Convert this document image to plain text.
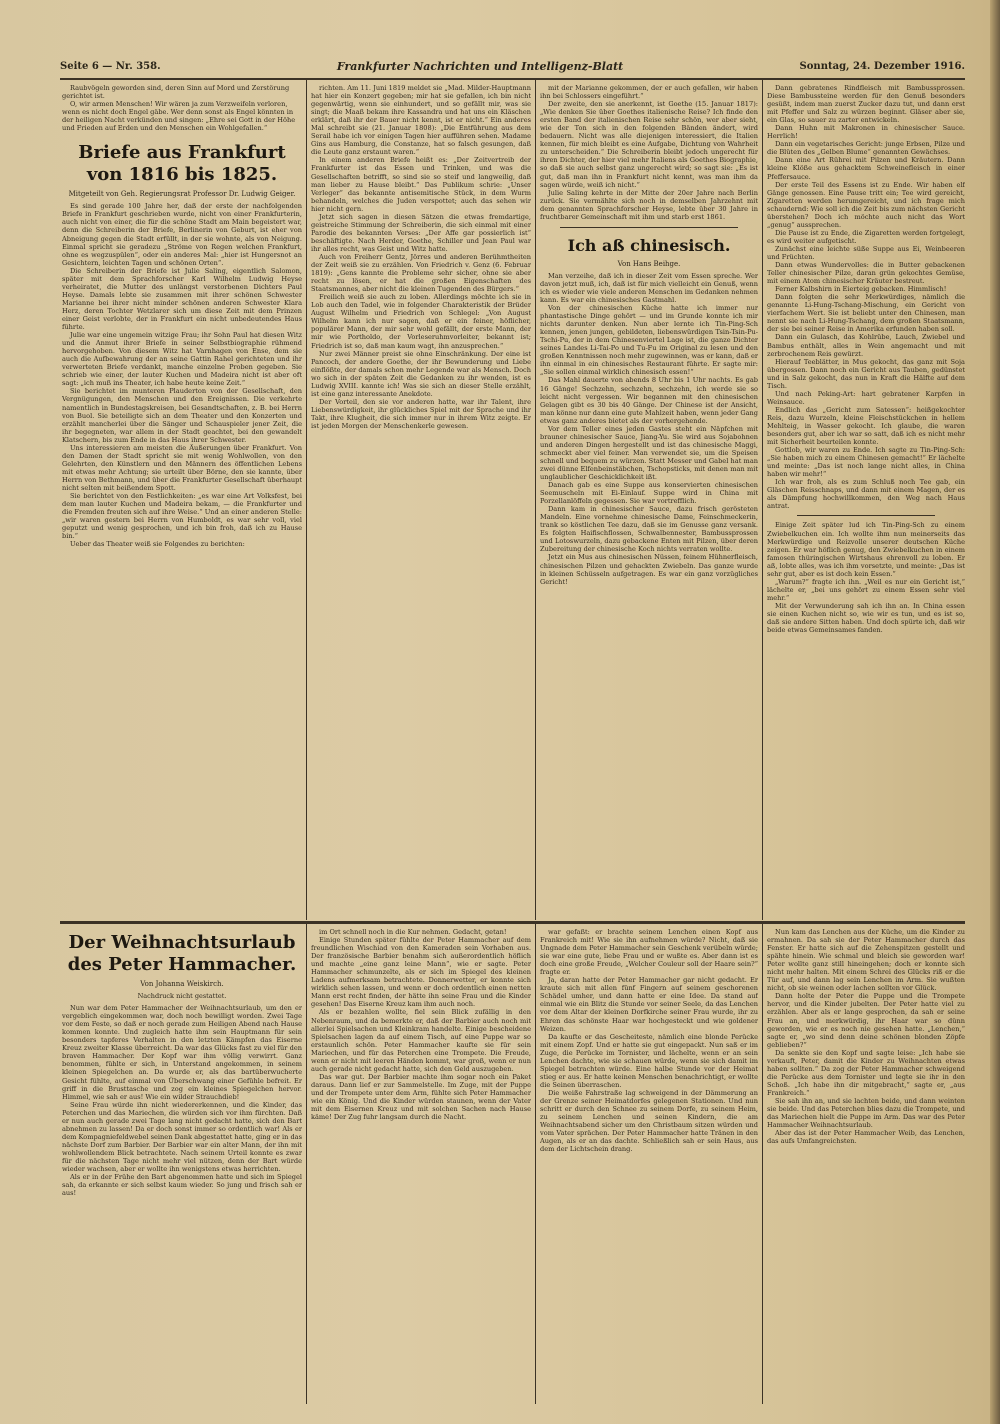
Seite 6 — Nr. 358.	Frankfurter Nachrichten und Intelligenz-Blatt	Sonntag, 24. Dezember 1916.

Raubvögeln geworden sind, deren Sinn auf Mord und Zerstörung gerichtet ist.

O, wir armen Menschen! Wir wären ja zum Verzweifeln verloren, wenn es nicht doch Engel gäbe. Wer denn sonst als Engel könnten in der heiligen Nacht verkünden und singen: „Ehre sei Gott in der Höhe und Frieden auf Erden und den Menschen ein Wohlgefallen.“

Briefe aus Frankfurt von 1816 bis 1825.
Mitgeteilt von Geh. Regierungsrat Professor Dr. Ludwig Geiger.

Es sind gerade 100 Jahre her, daß der erste der nachfolgenden Briefe in Frankfurt geschrieben wurde, nicht von einer Frankfurterin, auch nicht von einer, die für die schöne Stadt am Main begeistert war, denn die Schreiberin der Briefe, Berlinerin von Geburt, ist eher von Abneigung gegen die Stadt erfüllt, in der sie wohnte, als von Neigung. Einmal spricht sie geradezu „Ströme von Regen welchen Frankfurt, ohne es wegzuspülen“, oder ein anderes Mal: „hier ist Hungersnot an Gesichtern, leichten Tagen und schönen Orten“.

Die Schreiberin der Briefe ist Julie Saling, eigentlich Salomon, später mit dem Sprachforscher Karl Wilhelm Ludwig Heyse verheiratet, die Mutter des unlängst verstorbenen Dichters Paul Heyse. Damals lebte sie zusammen mit ihrer schönen Schwester Marianne bei ihrer nicht minder schönen anderen Schwester Klara Herz, deren Tochter Wetzlarer sich um diese Zeit mit dem Prinzen einer Geist verlobte, der in Frankfurt ein nicht unbedeutendes Haus führte.

Julie war eine ungemein witzige Frau; ihr Sohn Paul hat diesen Witz und die Anmut ihrer Briefe in seiner Selbstbiographie rühmend hervorgehoben. Von diesem Witz hat Varnhagen von Ense, dem sie auch die Aufbewahrung der an seine Gattin Rahel gerichteten und ihr verwerteten Briefe verdankt, manche einzelne Proben gegeben. Sie schrieb wie einer, der lauter Kuchen und Madeira nicht ist aber oft sagt: „ich muß ins Theater, ich habe heute keine Zeit.“

Sie berichtet im munteren Plauderton von der Gesellschaft, den Vergnügungen, den Menschen und den Ereignissen. Die verkehrte namentlich in Bundestagskreisen, bei Gesandtschaften, z. B. bei Herrn von Buol. Sie beteiligte sich an dem Theater und den Konzerten und erzählt mancherlei über die Sänger und Schauspieler jener Zeit, die ihr begegneten, war allem in der Stadt geachtet, bei den gewandelt Klatschern, bis zum Ende in das Haus ihrer Schwester.

Uns interessieren am meisten die Äußerungen über Frankfurt. Von den Damen der Stadt spricht sie mit wenig Wohlwollen, von den Gelehrten, den Künstlern und den Männern des öffentlichen Lebens mit etwas mehr Achtung; sie urteilt über Börne, den sie kannte, über Herrn von Bethmann, und über die Frankfurter Gesellschaft überhaupt nicht selten mit beißendem Spott.

Sie berichtet von den Festlichkeiten: „es war eine Art Volksfest, bei dem man lauter Kuchen und Madeira bekam, — die Frankfurter und die Fremden freuten sich auf ihre Weise.“ Und an einer anderen Stelle: „wir waren gestern bei Herrn von Humboldt, es war sehr voll, viel geputzt und wenig gesprochen, und ich bin froh, daß ich zu Hause bin.“

Ueber das Theater weiß sie Folgendes zu berichten:

richten. Am 11. Juni 1819 meldet sie „Mad. Milder-Hauptmann hat hier ein Konzert gegeben; mir hat sie gefallen, ich bin nicht gegenwärtig, wenn sie einhundert, und so gefällt mir, was sie singt; die Maaß bekam ihre Kassandra und hat uns ein Kläschen erklärt, daß ihr der Bauer nicht kennt, ist er nicht.“ Ein anderes Mal schreibt sie (21. Januar 1808): „Die Entführung aus dem Serail habe ich vor einigen Tagen hier aufführen sehen. Madame Gins aus Hamburg, die Constanze, hat so falsch gesungen, daß die Leute ganz erstaunt waren.“

In einem anderen Briefe heißt es: „Der Zeitvertreib der Frankfurter ist das Essen und Trinken, und was die Gesellschaften betrifft, so sind sie so steif und langweilig, daß man lieber zu Hause bleibt.“ Das Publikum schrie: „Unser Verleger“ das bekannte antisemitische Stück, in dem Wurm behandeln, welches die Juden verspottet; auch das sehen wir hier nicht gern.

Jetzt sich sagen in diesen Sätzen die etwas fremdartige, geistreiche Stimmung der Schreiberin, die sich einmal mit einer Parodie des bekannten Verses: „Der Affe gar possierlich ist“ beschäftigte. Nach Herder, Goethe, Schiller und Jean Paul war ihr alles recht, was Geist und Witz hatte.

Auch von Freiherr Gentz, Jörres und anderen Berühmtheiten der Zeit weiß sie zu erzählen. Von Friedrich v. Genz (6. Februar 1819): „Gens kannte die Probleme sehr sicher, ohne sie aber recht zu lösen, er hat die großen Eigenschaften des Staatsmannes, aber nicht die kleinen Tugenden des Bürgers.“

Freilich weiß sie auch zu loben. Allerdings möchte ich sie in Lob auch den Tadel, wie in folgender Charakteristik der Brüder August Wilhelm und Friedrich von Schlegel: „Von August Wilhelm kann ich nur sagen, daß er ein feiner, höflicher, populärer Mann, der mir sehr wohl gefällt, der erste Mann, der mir wie Portholdo, der Vorleseruhmvorleiter, bekannt ist; Friedrich ist so, daß man kaum wagt, ihn anzusprechen.“

Nur zwei Männer preist sie ohne Einschränkung. Der eine ist Pancoch, der andere Goethe, der ihr Bewunderung und Liebe einflößte, der damals schon mehr Legende war als Mensch. Doch wo sich in der späten Zeit die Gedanken zu ihr wenden, ist es Ludwig XVIII. kannte ich! Was sie sich an dieser Stelle erzählt, ist eine ganz interessante Anekdote.

Der Vorteil, den sie vor anderen hatte, war ihr Talent, ihre Liebenswürdigkeit, ihr glückliches Spiel mit der Sprache und ihr Takt, ihre Klugheit, die sich immer nur in ihrem Witz zeigte. Er ist jeden Morgen der Menschenkerle gewesen.

mit der Marianne gekommen, der er auch gefallen, wir haben ihn bei Schlossers eingeführt.“

Der zweite, den sie anerkennt, ist Goethe (15. Januar 1817): „Wie denken Sie über Goethes italienische Reise? Ich finde den ersten Band der italienischen Reise sehr schön, wer aber sieht, wie der Ton sich in den folgenden Bänden ändert, wird bedauern. Nicht was alle diejenigen interessiert, die Italien kennen, für mich bleibt es eine Aufgabe, Dichtung von Wahrheit zu unterscheiden.“ Die Schreiberin bleibt jedoch ungerecht für ihren Dichter, der hier viel mehr Italiens als Goethes Biographie, so daß sie auch selbst ganz ungerecht wird; so sagt sie: „Es ist gut, daß man ihn in Frankfurt nicht kennt, was man ihm da sagen würde, weiß ich nicht.“

Julie Saling kehrte in der Mitte der 20er Jahre nach Berlin zurück. Sie vermählte sich noch in demselben Jahrzehnt mit dem genannten Sprachforscher Heyse, lebte über 30 Jahre in fruchtbarer Gemeinschaft mit ihm und starb erst 1861.

Ich aß chinesisch.
Von Hans Beihge.

Man verzeihe, daß ich in dieser Zeit vom Essen spreche. Wer davon jetzt muß, ich, daß ist für mich vielleicht ein Genuß, wenn ich es wieder wie viele anderen Menschen im Gedanken nehmen kann. Es war ein chinesisches Gastmahl.

Von der chinesischen Küche hatte ich immer nur phantastische Dinge gehört — und im Grunde konnte ich mir nichts darunter denken. Nun aber lernte ich Tin-Ping-Sch kennen, jenen jungen, gebildeten, liebenswürdigen Tsin-Tsin-Pu-Tschi-Pu, der in dem Chinesenviertel Lage ist, die ganze Dichter seines Landes Li-Tai-Po und Tu-Fu im Original zu lesen und den großen Kenntnissen noch mehr zugewinnen, was er kann, daß er ihn einmal in ein chinesisches Restaurant führte. Er sagte mir: „Sie sollen einmal wirklich chinesisch essen!“

Das Mahl dauerte von abends 8 Uhr bis 1 Uhr nachts. Es gab 16 Gänge! Sechzehn, sechzehn, sechzehn, ich werde sie so leicht nicht vergessen. Wir begannen mit den chinesischen Gelagen gibt es 30 bis 40 Gänge. Der Chinese ist der Ansicht, man könne nur dann eine gute Mahlzeit haben, wenn jeder Gang etwas ganz anderes bietet als der vorhergehende.

Vor dem Teller eines jeden Gastes steht ein Näpfchen mit brauner chinesischer Sauce, Jiang-Yu. Sie wird aus Sojabohnen und anderen Dingen hergestellt und ist das chinesische Maggi, schmeckt aber viel feiner. Man verwendet sie, um die Speisen schnell und bequem zu würzen. Statt Messer und Gabel hat man zwei dünne Elfenbeinstäbchen, Tschopsticks, mit denen man mit unglaublicher Geschicklichkeit ißt.

Danach gab es eine Suppe aus konservierten chinesischen Seemuscheln mit Ei-Einlauf. Suppe wird in China mit Porzellanlöffeln gegessen. Sie war vortrefflich.

Dann kam in chinesischer Sauce, dazu frisch gerösteten Mandeln. Eine vornehme chinesische Dame, Feinschmeckerin, trank so köstlichen Tee dazu, daß sie im Genusse ganz versank. Es folgten Haifischflossen, Schwalbennester, Bambussprossen und Lotoswurzeln, dazu gebackene Enten mit Pilzen, über deren Zubereitung der chinesische Koch nichts verraten wollte.

Jetzt ein Mus aus chinesischen Nüssen, feinem Hühnerfleisch, chinesischen Pilzen und gehackten Zwiebeln. Das ganze wurde in kleinen Schüsseln aufgetragen. Es war ein ganz vorzügliches Gericht!

Dann gebratenes Rindfleisch mit Bambussprossen. Diese Bambussteine werden für den Genuß besonders gesüßt, indem man zuerst Zucker dazu tut, und dann erst mit Pfeffer und Salz zu würzen beginnt. Gläser aber sie, ein Glas, so sauer zu zarter entwickeln.

Dann Huhn mit Makronen in chinesischer Sauce. Herrlich!

Dann ein vegetarisches Gericht: junge Erbsen, Pilze und die Blüten des „Gelben Blume“ genannten Gewächses.

Dann eine Art Rührei mit Pilzen und Kräutern. Dann kleine Klöße aus gehacktem Schweinefleisch in einer Pfeffersauce.

Der erste Teil des Essens ist zu Ende. Wir haben elf Gänge genossen. Eine Pause tritt ein; Tee wird gereicht, Zigaretten werden herumgereicht, und ich frage mich schaudernd: Wie soll ich die Zeit bis zum nächsten Gericht überstehen? Doch ich möchte auch nicht das Wort „genug“ aussprechen.

Die Pause ist zu Ende, die Zigaretten werden fortgelegt, es wird weiter aufgetischt.

Zunächst eine leichte süße Suppe aus Ei, Weinbeeren und Früchten.

Dann etwas Wundervolles: die in Butter gebackenen Teller chinesischer Pilze, daran grün gekochtes Gemüse, mit einem Atom chinesischer Kräuter bestreut.

Ferner Kalbshirn in Eierteig gebacken. Himmlisch!

Dann folgten die sehr Merkwürdiges, nämlich die genannte Li-Hung-Tschang-Mischung, ein Gericht von vierfachem Wert. Sie ist beliebt unter den Chinesen, man nennt sie nach Li-Hung-Tschang, dem großen Staatsmann, der sie bei seiner Reise in Amerika erfunden haben soll.

Dann ein Gulasch, das Kohlrübe, Lauch, Zwiebel und Bambus enthält, alles in Wein angemacht und mit zerbrochenem Reis gewürzt.

Hierauf Teeblätter, in Mus gekocht, das ganz mit Soja übergossen. Dann noch ein Gericht aus Tauben, gedünstet und in Salz gekocht, das nun in Kraft die Hälfte auf dem Tisch.

Und nach Peking-Art: hart gebratener Karpfen in Weinsauce.

Endlich das „Gericht zum Satessen“: heißgekochter Reis, dazu Wurzeln, kleine Fleischstückchen in hellem Mehlteig, in Wasser gekocht. Ich glaube, die waren besonders gut, aber ich war so satt, daß ich es nicht mehr mit Sicherheit beurteilen konnte.

Gottlob, wir waren zu Ende. Ich sagte zu Tin-Ping-Sch: „Sie haben mich zu einem Chinesen gemacht!“ Er lächelte und meinte: „Das ist noch lange nicht alles, in China haben wir mehr!“

Ich war froh, als es zum Schluß noch Tee gab, ein Gläschen Reisschnaps, und dann mit einem Magen, der es als Dämpfung hochwillkommen, den Weg nach Haus antrat.

Einige Zeit später lud ich Tin-Ping-Sch zu einem Zwiebelkuchen ein. Ich wollte ihm nun meinerseits das Merkwürdige und Reizvolle unserer deutschen Küche zeigen. Er war höflich genug, den Zwiebelkuchen in einem famosen thüringischen Wirtshaus ehrenvoll zu loben. Er aß, lobte alles, was ich ihm vorsetzte, und meinte: „Das ist sehr gut, aber es ist doch kein Essen.“

„Warum?“ fragte ich ihn. „Weil es nur ein Gericht ist,“ lächelte er, „bei uns gehört zu einem Essen sehr viel mehr.“

Mit der Verwunderung sah ich ihn an. In China essen sie einen Kuchen nicht so, wie wir es tun, und es ist so, daß sie andere Sitten haben. Und doch spürte ich, daß wir beide etwas Gemeinsames fanden.

Der Weihnachtsurlaub des Peter Hammacher.
Von Johanna Weiskirch.
Nachdruck nicht gestattet.

Nun war dem Peter Hammacher der Weihnachtsurlaub, um den er vergeblich eingekommen war, doch noch bewilligt worden. Zwei Tage vor dem Feste, so daß er noch gerade zum Heiligen Abend nach Hause kommen konnte. Und zugleich hatte ihm sein Hauptmann für sein besonders tapferes Verhalten in den letzten Kämpfen das Eiserne Kreuz zweiter Klasse überreicht. Da war das Glücks fast zu viel für den braven Hammacher. Der Kopf war ihm völlig verwirrt. Ganz benommen, fühlte er sich, in Unterstand angekommen, in seinem kleinen Spiegelchen an. Da wurde er, als das bartüberwucherte Gesicht fühlte, auf einmal von Überschwang einer Gefühle befreit. Er griff in die Brusttasche und zog ein kleines Spiegelchen hervor. Himmel, wie sah er aus! Wie ein wilder Strauchdieb!

Seine Frau würde ihn nicht wiedererkennen, und die Kinder, das Peterchen und das Mariechen, die würden sich vor ihm fürchten. Daß er nun auch gerade zwei Tage lang nicht gedacht hatte, sich den Bart abnehmen zu lassen! Da er doch sonst immer so ordentlich war! Als er dem Kompagniefeldwebel seinen Dank abgestattet hatte, ging er in das nächste Dorf zum Barbier. Der Barbier war ein alter Mann, der ihn mit wohlwollendem Blick betrachtete. Nach seinem Urteil konnte es zwar für die nächsten Tage nicht mehr viel nützen, denn der Bart würde wieder wachsen, aber er wollte ihn wenigstens etwas herrichten.

Als er in der Frühe den Bart abgenommen hatte und sich im Spiegel sah, da erkannte er sich selbst kaum wieder. So jung und frisch sah er aus!

im Ort schnell noch in die Kur nehmen. Gedacht, getan!

Einige Stunden später fühlte der Peter Hammacher auf dem freundlichen Wischiad von den Kameraden sein Vorhaben aus. Der französische Barbier benahm sich außerordentlich höflich und machte „eine ganz leine Mann“, wie er sagte. Peter Hammacher schmunzelte, als er sich im Spiegel des kleinen Ladens aufmerksam betrachtete. Donnerwetter, er konnte sich wirklich sehen lassen, und wenn er doch ordentlich einen netten Mann erst recht finden, der hätte ihn seine Frau und die Kinder gesehen! Das Eiserne Kreuz kam ihm auch noch.

Als er bezahlen wollte, fiel sein Blick zufällig in den Nebenraum, und da bemerkte er, daß der Barbier auch noch mit allerlei Spielsachen und Kleinkram handelte. Einige bescheidene Spielsachen lagen da auf einem Tisch, auf eine Puppe war so erstaunlich schön. Peter Hammacher kaufte sie für sein Mariechen, und für das Peterchen eine Trompete. Die Freude, wenn er nicht mit leeren Händen kommt, war groß, wenn er nun auch gerade nicht gedacht hatte, sich den Geld auszugeben.

Das war gut. Der Barbier machte ihm sogar noch ein Paket daraus. Dann lief er zur Sammelstelle. Im Zuge, mit der Puppe und der Trompete unter dem Arm, fühlte sich Peter Hammacher wie ein König. Und die Kinder würden staunen, wenn der Vater mit dem Eisernen Kreuz und mit solchen Sachen nach Hause käme! Der Zug fuhr langsam durch die Nacht.

war gefaßt: er brachte seinem Lenchen einen Kopf aus Frankreich mit! Wie sie ihn aufnehmen würde? Nicht, daß sie Ungnade dem Peter Hammacher sein Geschenk verübeln würde; sie war eine gute, liebe Frau und er wußte es. Aber dann ist es doch eine große Freude, „Welcher Couleur soll der Haare sein?“ fragte er.

Ja, daran hatte der Peter Hammacher gar nicht gedacht. Er kraute sich mit allen fünf Fingern auf seinem geschorenen Schädel umher, und dann hatte er eine Idee. Da stand auf einmal wie ein Blitz die Stunde vor seiner Seele, da das Lenchen vor dem Altar der kleinen Dorfkirche seiner Frau wurde, ihr zu Ehren das schönste Haar war hochgesteckt und wie goldener Weizen.

Da kaufte er das Gescheiteste, nämlich eine blonde Perücke mit einem Zopf. Und er hatte sie gut eingepackt. Nun saß er im Zuge, die Perücke im Tornister, und lächelte, wenn er an sein Lenchen dachte, wie sie schauen würde, wenn sie sich damit im Spiegel betrachten würde. Eine halbe Stunde vor der Heimat stieg er aus. Er hatte keinen Menschen benachrichtigt, er wollte die Seinen überraschen.

Die weiße Fahrstraße lag schweigend in der Dämmerung an der Grenze seiner Heimatdorfes gelegenen Stationen. Und nun schritt er durch den Schnee zu seinem Dorfe, zu seinem Heim, zu seinem Lenchen und seinen Kindern, die am Weihnachtsabend sicher um den Christbaum sitzen würden und vom Vater sprächen. Der Peter Hammacher hatte Tränen in den Augen, als er an das dachte. Schließlich sah er sein Haus, aus dem der Lichtschein drang.

Nun kam das Lenchen aus der Küche, um die Kinder zu ermahnen. Da sah sie der Peter Hammacher durch das Fenster. Er hatte sich auf die Zehenspitzen gestellt und spähte hinein. Wie schmal und bleich sie geworden war! Peter wollte ganz still hineingehen; doch er konnte sich nicht mehr halten. Mit einem Schrei des Glücks riß er die Tür auf, und dann lag sein Lenchen im Arm. Sie wußten nicht, ob sie weinen oder lachen sollten vor Glück.

Dann holte der Peter die Puppe und die Trompete hervor, und die Kinder jubelten. Der Peter hatte viel zu erzählen. Aber als er lange gesprochen, da sah er seine Frau an, und merkwürdig, ihr Haar war so dünn geworden, wie er es noch nie gesehen hatte. „Lenchen,“ sagte er, „wo sind denn deine schönen blonden Zöpfe geblieben?“

Da senkte sie den Kopf und sagte leise: „Ich habe sie verkauft, Peter, damit die Kinder zu Weihnachten etwas haben sollten.“ Da zog der Peter Hammacher schweigend die Perücke aus dem Tornister und legte sie ihr in den Schoß. „Ich habe ihn dir mitgebracht,“ sagte er, „aus Frankreich.“

Sie sah ihn an, und sie lachten beide, und dann weinten sie beide. Und das Peterchen blies dazu die Trompete, und das Mariechen hielt die Puppe im Arm. Das war des Peter Hammacher Weihnachtsurlaub.

Aber das ist der Peter Hammacher Weib, das Lenchen, das aufs Umfangreichsten.
